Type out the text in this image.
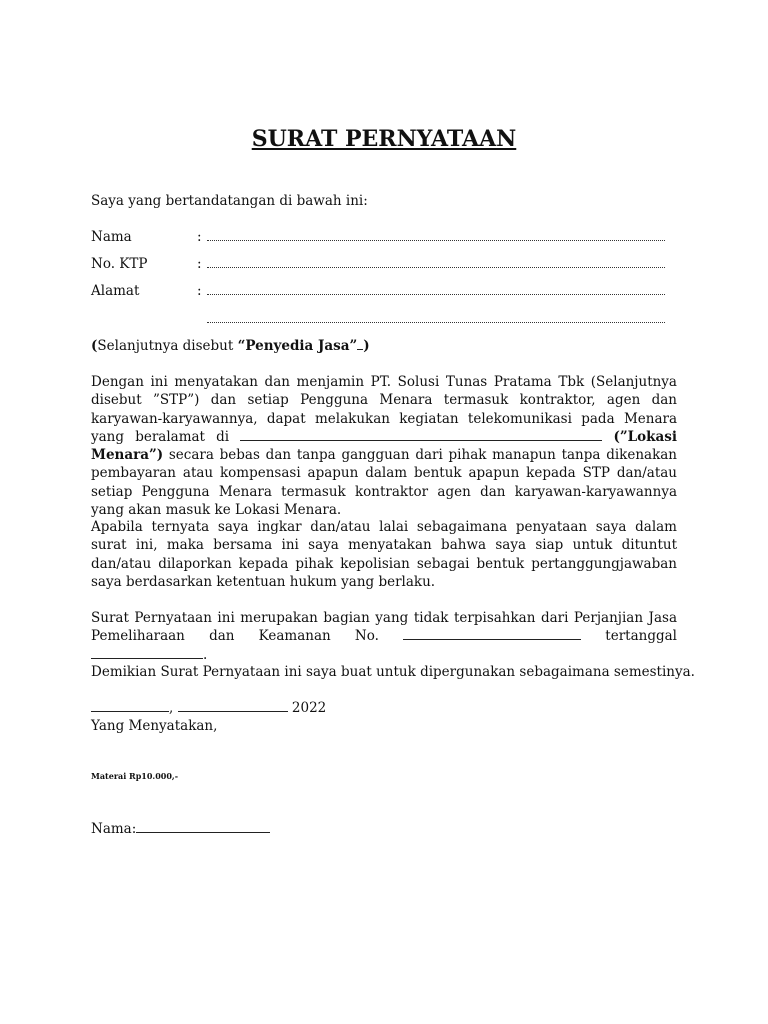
SURAT PERNYATAAN
Saya yang bertandatangan di bawah ini:
Nama	:
No. KTP	:
Alamat	:
(Selanjutnya disebut “Penyedia Jasa” )
Dengan ini menyatakan dan menjamin PT. Solusi Tunas Pratama Tbk (Selanjutnya disebut ”STP”) dan setiap Pengguna Menara termasuk kontraktor, agen dan karyawan-karyawannya, dapat melakukan kegiatan telekomunikasi pada Menara yang beralamat di	(”Lokasi Menara”) secara bebas dan tanpa gangguan dari pihak manapun tanpa dikenakan pembayaran atau kompensasi apapun dalam bentuk apapun kepada STP dan/atau setiap Pengguna Menara termasuk kontraktor agen dan karyawan-karyawannya yang akan masuk ke Lokasi Menara.
Apabila ternyata saya ingkar dan/atau lalai sebagaimana penyataan saya dalam surat ini, maka bersama ini saya menyatakan bahwa saya siap untuk dituntut dan/atau dilaporkan kepada pihak kepolisian sebagai bentuk pertanggungjawaban saya berdasarkan ketentuan hukum yang berlaku.
Surat Pernyataan ini merupakan bagian yang tidak terpisahkan dari Perjanjian Jasa Pemeliharaan dan Keamanan No.	tertanggal .
Demikian Surat Pernyataan ini saya buat untuk dipergunakan sebagaimana semestinya.
,	2022
Yang Menyatakan,
Materai Rp10.000,-
Nama:
